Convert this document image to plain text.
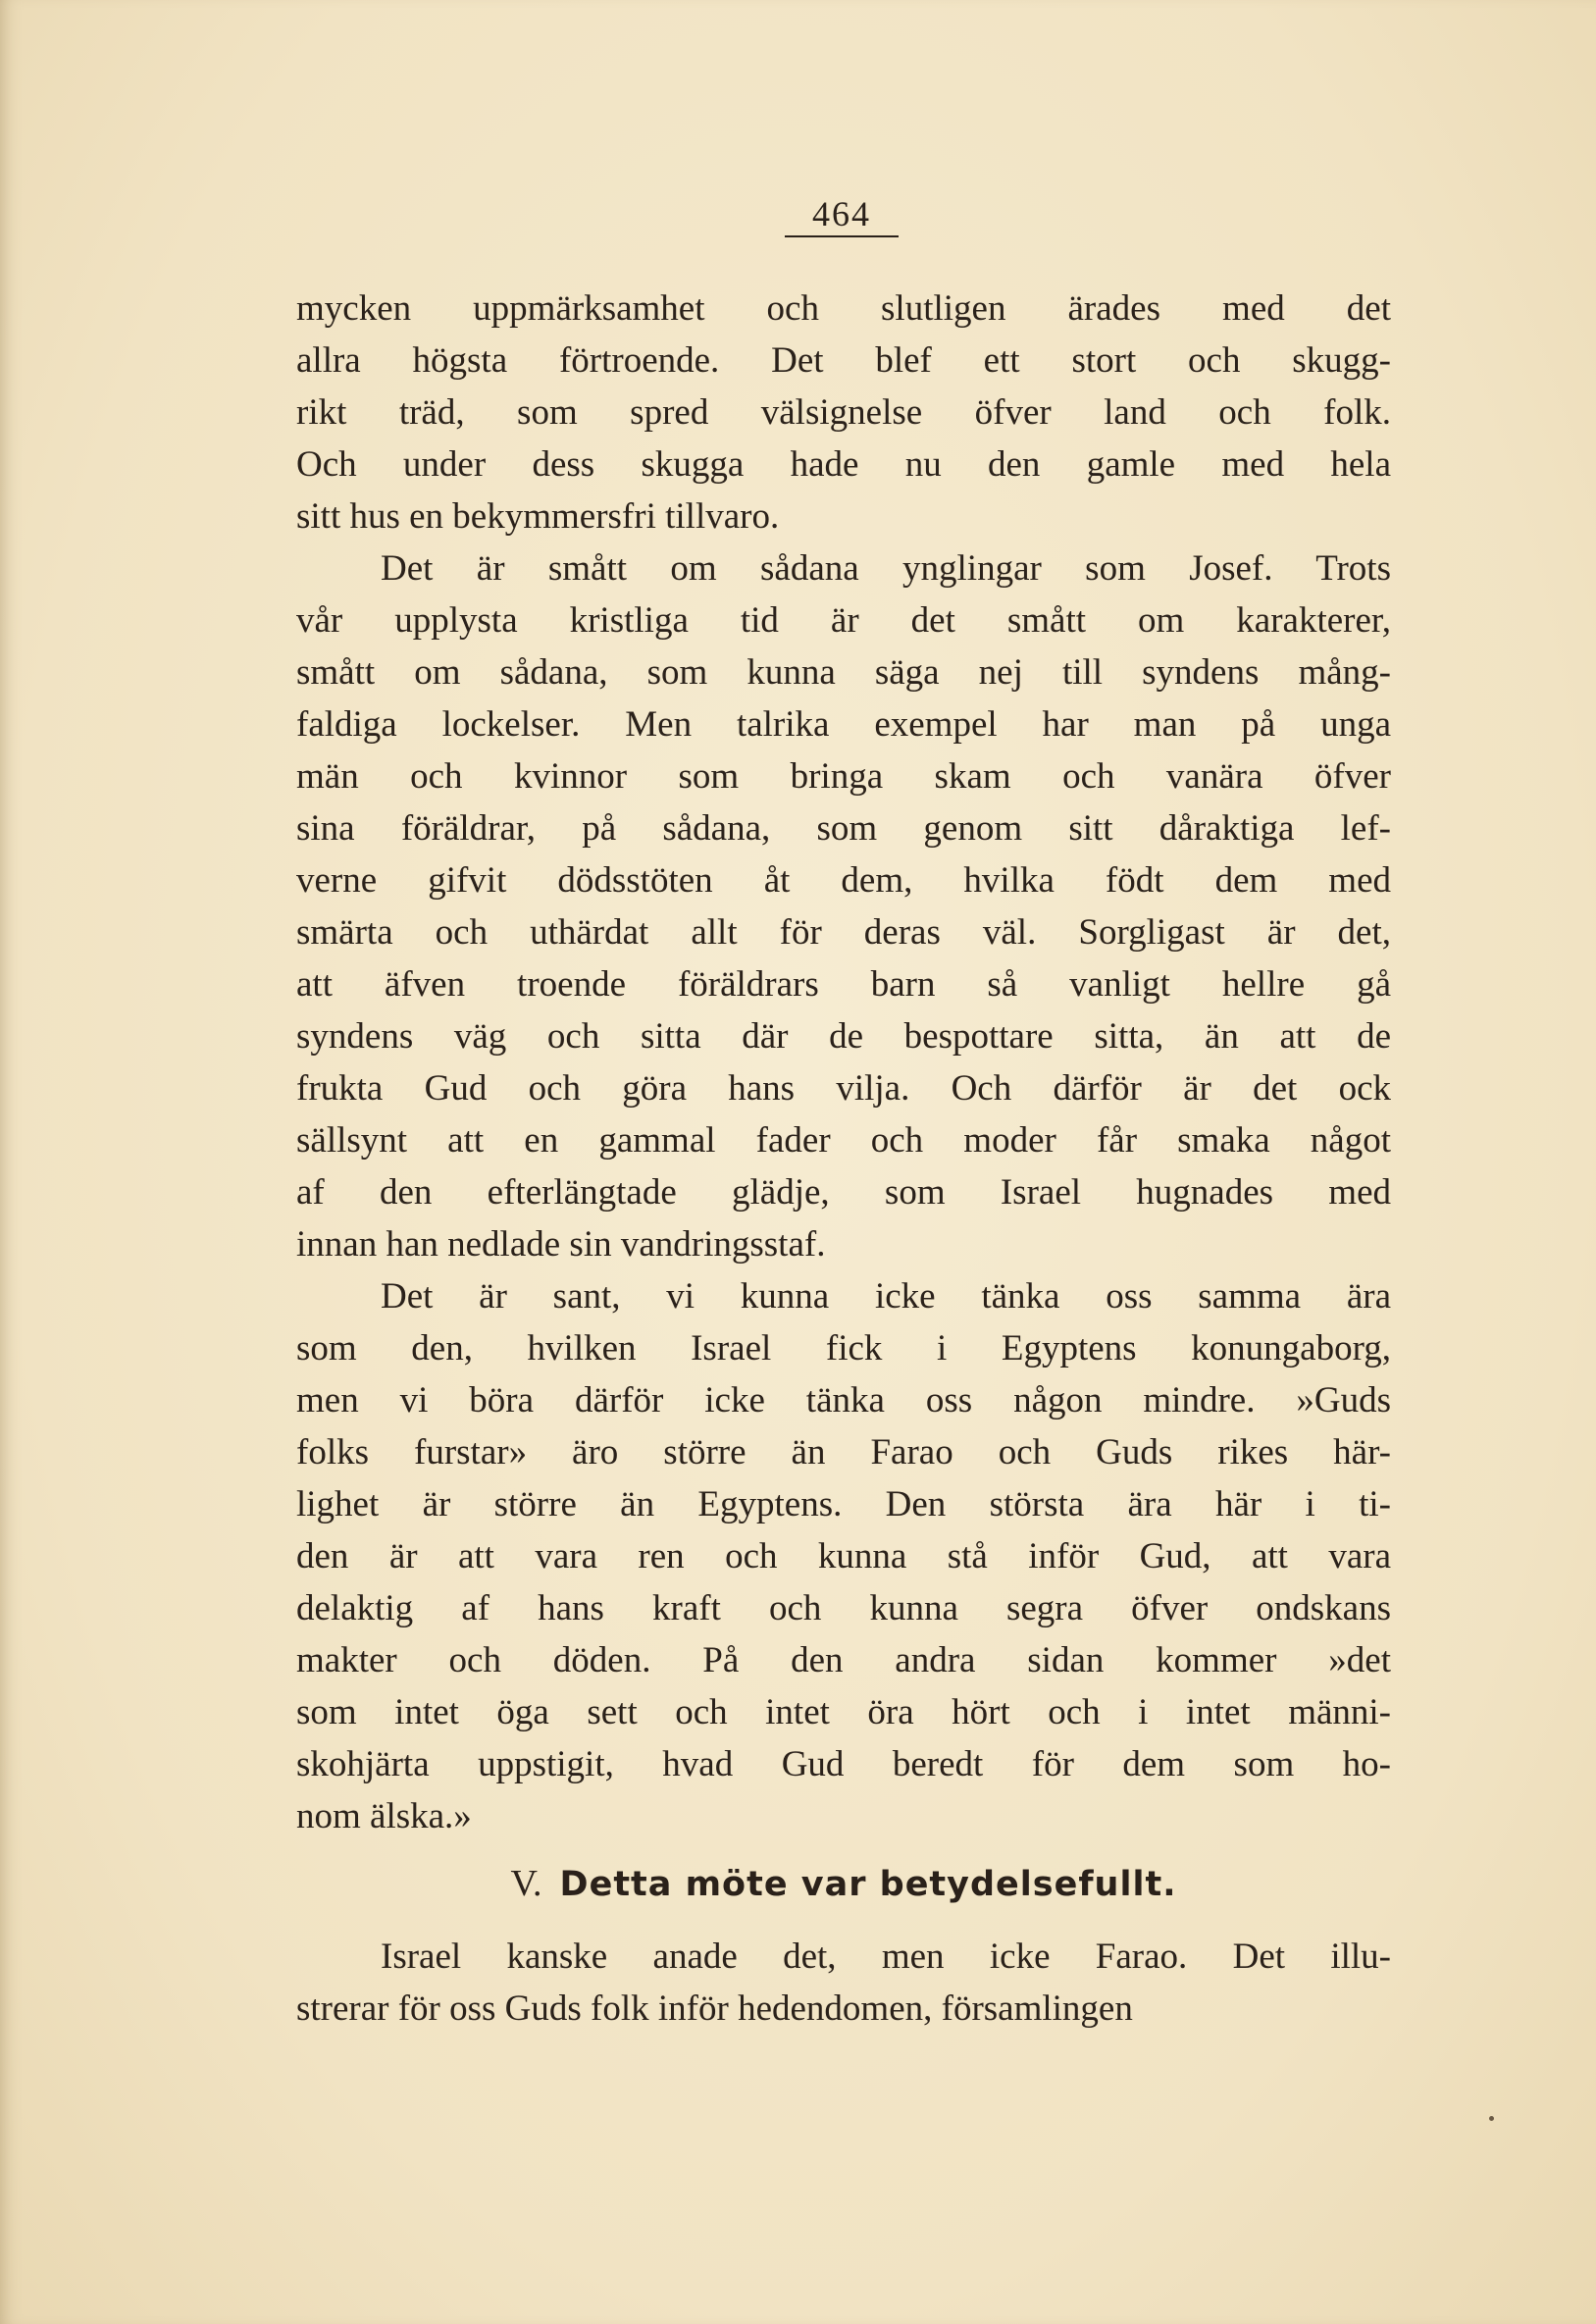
464
mycken uppmärksamhet och slutligen ärades med det
allra högsta förtroende. Det blef ett stort och skugg-
rikt träd, som spred välsignelse öfver land och folk.
Och under dess skugga hade nu den gamle med hela
sitt hus en bekymmersfri tillvaro.
Det är smått om sådana ynglingar som Josef. Trots
vår upplysta kristliga tid är det smått om karakterer,
smått om sådana, som kunna säga nej till syndens mång-
faldiga lockelser. Men talrika exempel har man på unga
män och kvinnor som bringa skam och vanära öfver
sina föräldrar, på sådana, som genom sitt dåraktiga lef-
verne gifvit dödsstöten åt dem, hvilka födt dem med
smärta och uthärdat allt för deras väl. Sorgligast är det,
att äfven troende föräldrars barn så vanligt hellre gå
syndens väg och sitta där de bespottare sitta, än att de
frukta Gud och göra hans vilja. Och därför är det ock
sällsynt att en gammal fader och moder får smaka något
af den efterlängtade glädje, som Israel hugnades med
innan han nedlade sin vandringsstaf.
Det är sant, vi kunna icke tänka oss samma ära
som den, hvilken Israel fick i Egyptens konungaborg,
men vi böra därför icke tänka oss någon mindre. »Guds
folks furstar» äro större än Farao och Guds rikes här-
lighet är större än Egyptens. Den största ära här i ti-
den är att vara ren och kunna stå inför Gud, att vara
delaktig af hans kraft och kunna segra öfver ondskans
makter och döden. På den andra sidan kommer »det
som intet öga sett och intet öra hört och i intet männi-
skohjärta uppstigit, hvad Gud beredt för dem som ho-
nom älska.»
V. Detta möte var betydelsefullt.
Israel kanske anade det, men icke Farao. Det illu-
strerar för oss Guds folk inför hedendomen, församlingen
